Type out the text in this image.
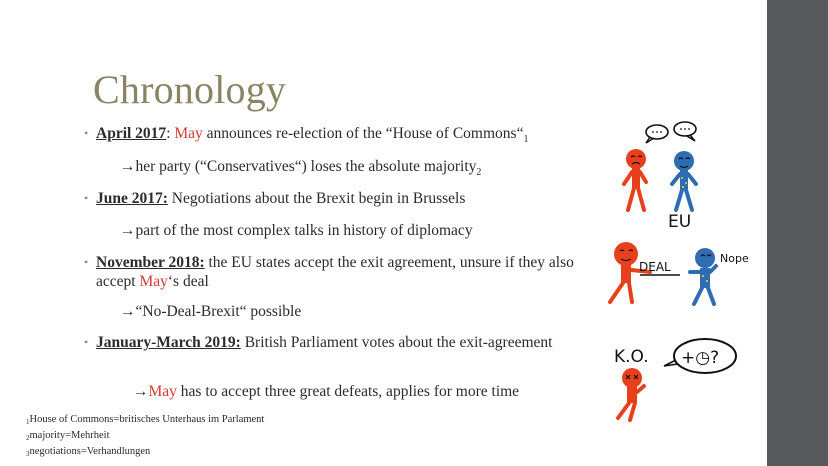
Chronology
• April 2017: May announces re-election of the “House of $Commons“_1$
→her party (“Conservatives“) loses the absolute majority$_2$
• June 2017: Negotiations about the Brexit begin in Brussels
→part of the most complex talks in history of diplomacy
• November 2018: the EU states accept the exit agreement, unsure if they also accept May‘s deal
→“No-Deal-Brexit“ possible
• January-March 2019: British Parliament votes about the exit-agreement
→May has to accept three great defeats, applies for more time
$_1$House of Commons=britisches Unterhaus im Parlament
$_2$majority=Mehrheit
$_3$negotiations=Verhandlungen
EU
DEAL
Nope
K.O. +◷?
